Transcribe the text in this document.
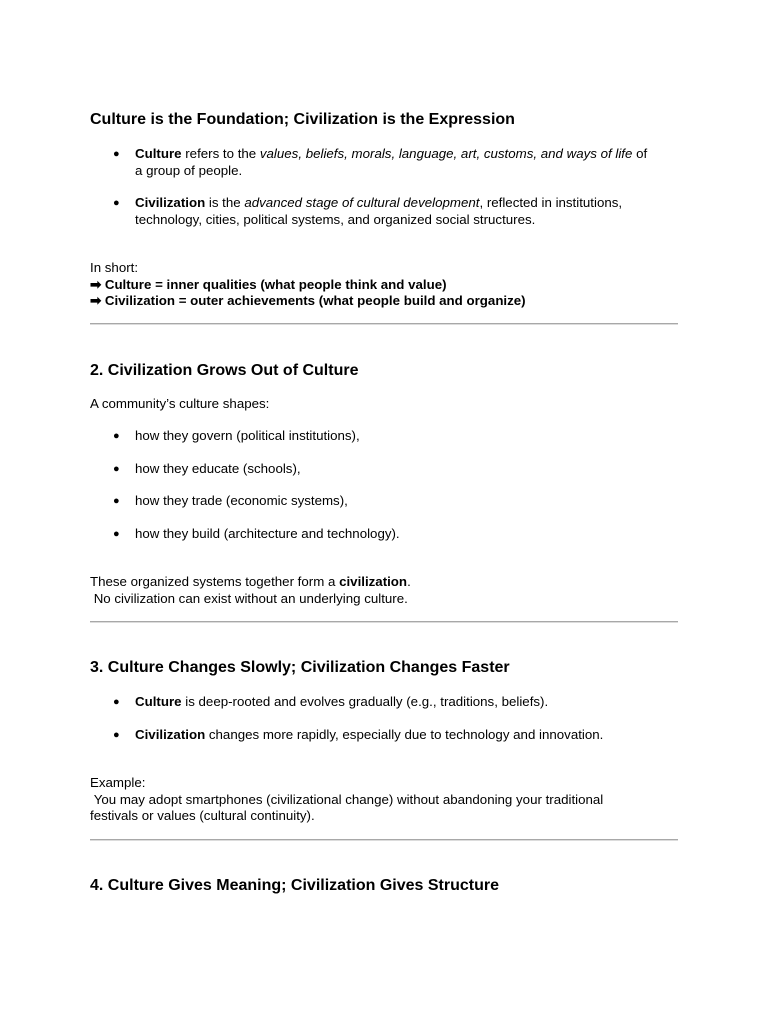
Culture is the Foundation; Civilization is the Expression
● Culture refers to the values, beliefs, morals, language, art, customs, and ways of life of a group of people.
● Civilization is the advanced stage of cultural development, reflected in institutions, technology, cities, political systems, and organized social structures.
In short:
➡ Culture = inner qualities (what people think and value)
➡ Civilization = outer achievements (what people build and organize)
2. Civilization Grows Out of Culture

A community’s culture shapes:

● how they govern (political institutions),
● how they educate (schools),
● how they trade (economic systems),
● how they build (architecture and technology).
These organized systems together form a civilization.
No civilization can exist without an underlying culture.
3. Culture Changes Slowly; Civilization Changes Faster
● Culture is deep-rooted and evolves gradually (e.g., traditions, beliefs).
● Civilization changes more rapidly, especially due to technology and innovation.
Example:
You may adopt smartphones (civilizational change) without abandoning your traditional festivals or values (cultural continuity).
4. Culture Gives Meaning; Civilization Gives Structure
